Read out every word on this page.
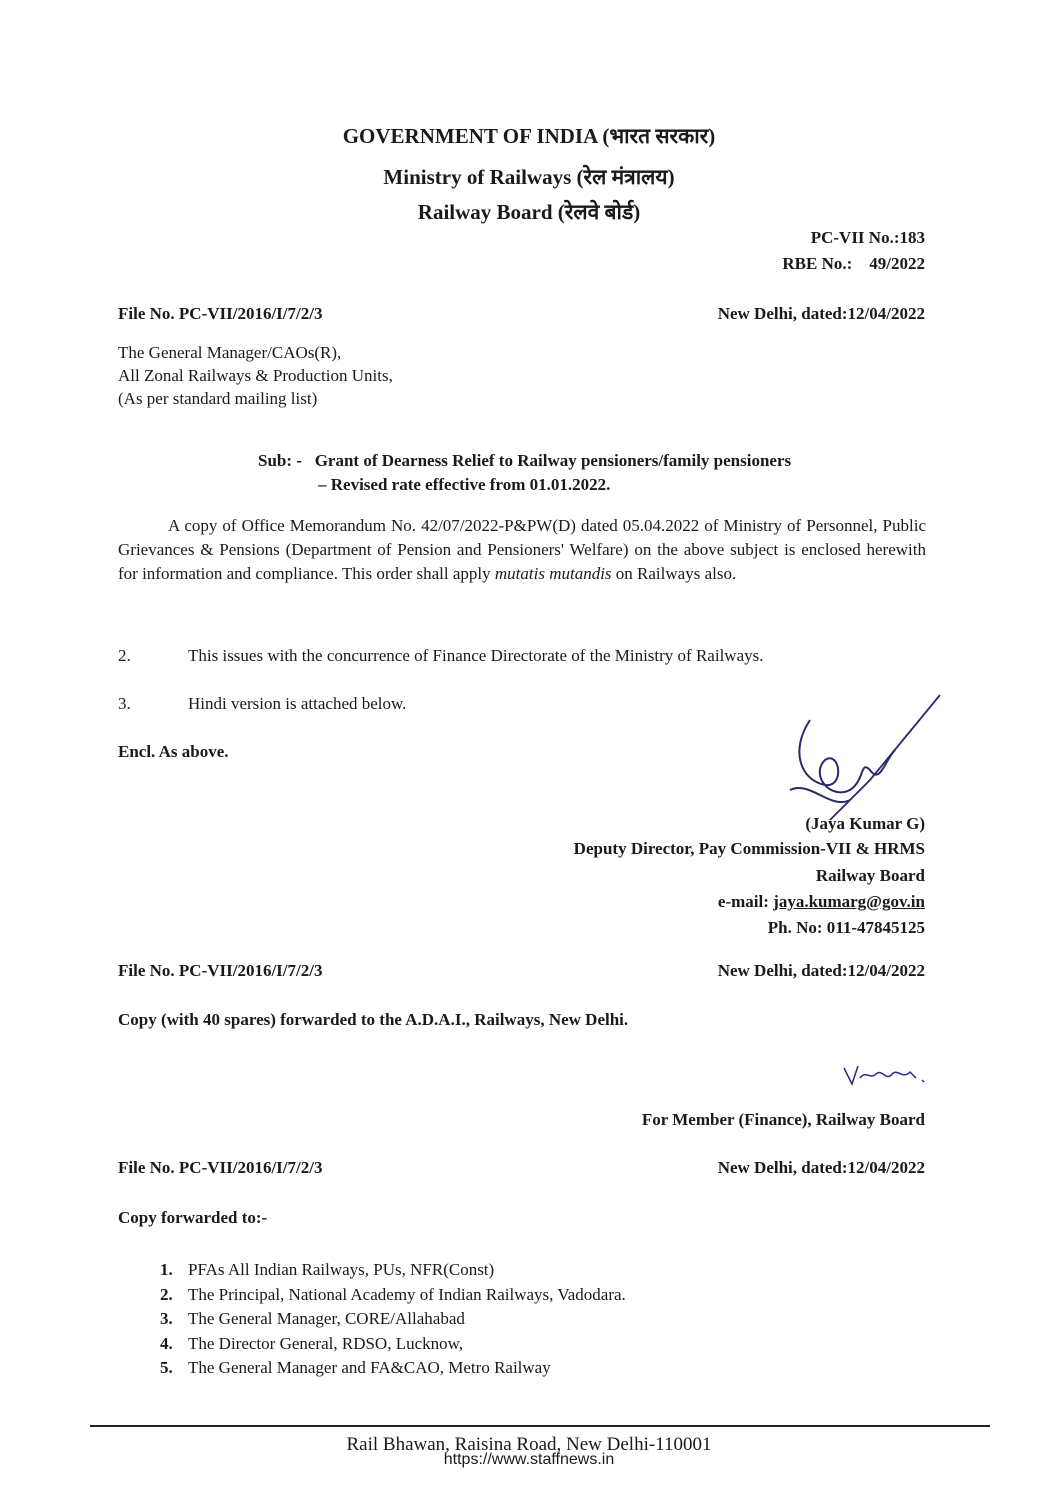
GOVERNMENT OF INDIA (भारत सरकार)
Ministry of Railways (रेल मंत्रालय)
Railway Board (रेलवे बोर्ड)
PC-VII No.:183
RBE No.: 49/2022
File No. PC-VII/2016/I/7/2/3	New Delhi, dated:12/04/2022
The General Manager/CAOs(R),
All Zonal Railways & Production Units,
(As per standard mailing list)
Sub: - Grant of Dearness Relief to Railway pensioners/family pensioners
– Revised rate effective from 01.01.2022.
A copy of Office Memorandum No. 42/07/2022-P&PW(D) dated 05.04.2022 of Ministry of Personnel, Public Grievances & Pensions (Department of Pension and Pensioners' Welfare) on the above subject is enclosed herewith for information and compliance. This order shall apply mutatis mutandis on Railways also.
2.	This issues with the concurrence of Finance Directorate of the Ministry of Railways.
3.	Hindi version is attached below.
Encl. As above.
(Jaya Kumar G)
Deputy Director, Pay Commission-VII & HRMS
Railway Board
e-mail: jaya.kumarg@gov.in
Ph. No: 011-47845125
File No. PC-VII/2016/I/7/2/3	New Delhi, dated:12/04/2022
Copy (with 40 spares) forwarded to the A.D.A.I., Railways, New Delhi.
For Member (Finance), Railway Board
File No. PC-VII/2016/I/7/2/3	New Delhi, dated:12/04/2022
Copy forwarded to:-
1. PFAs All Indian Railways, PUs, NFR(Const)
2. The Principal, National Academy of Indian Railways, Vadodara.
3. The General Manager, CORE/Allahabad
4. The Director General, RDSO, Lucknow,
5. The General Manager and FA&CAO, Metro Railway
Rail Bhawan, Raisina Road, New Delhi-110001
https://www.staffnews.in
